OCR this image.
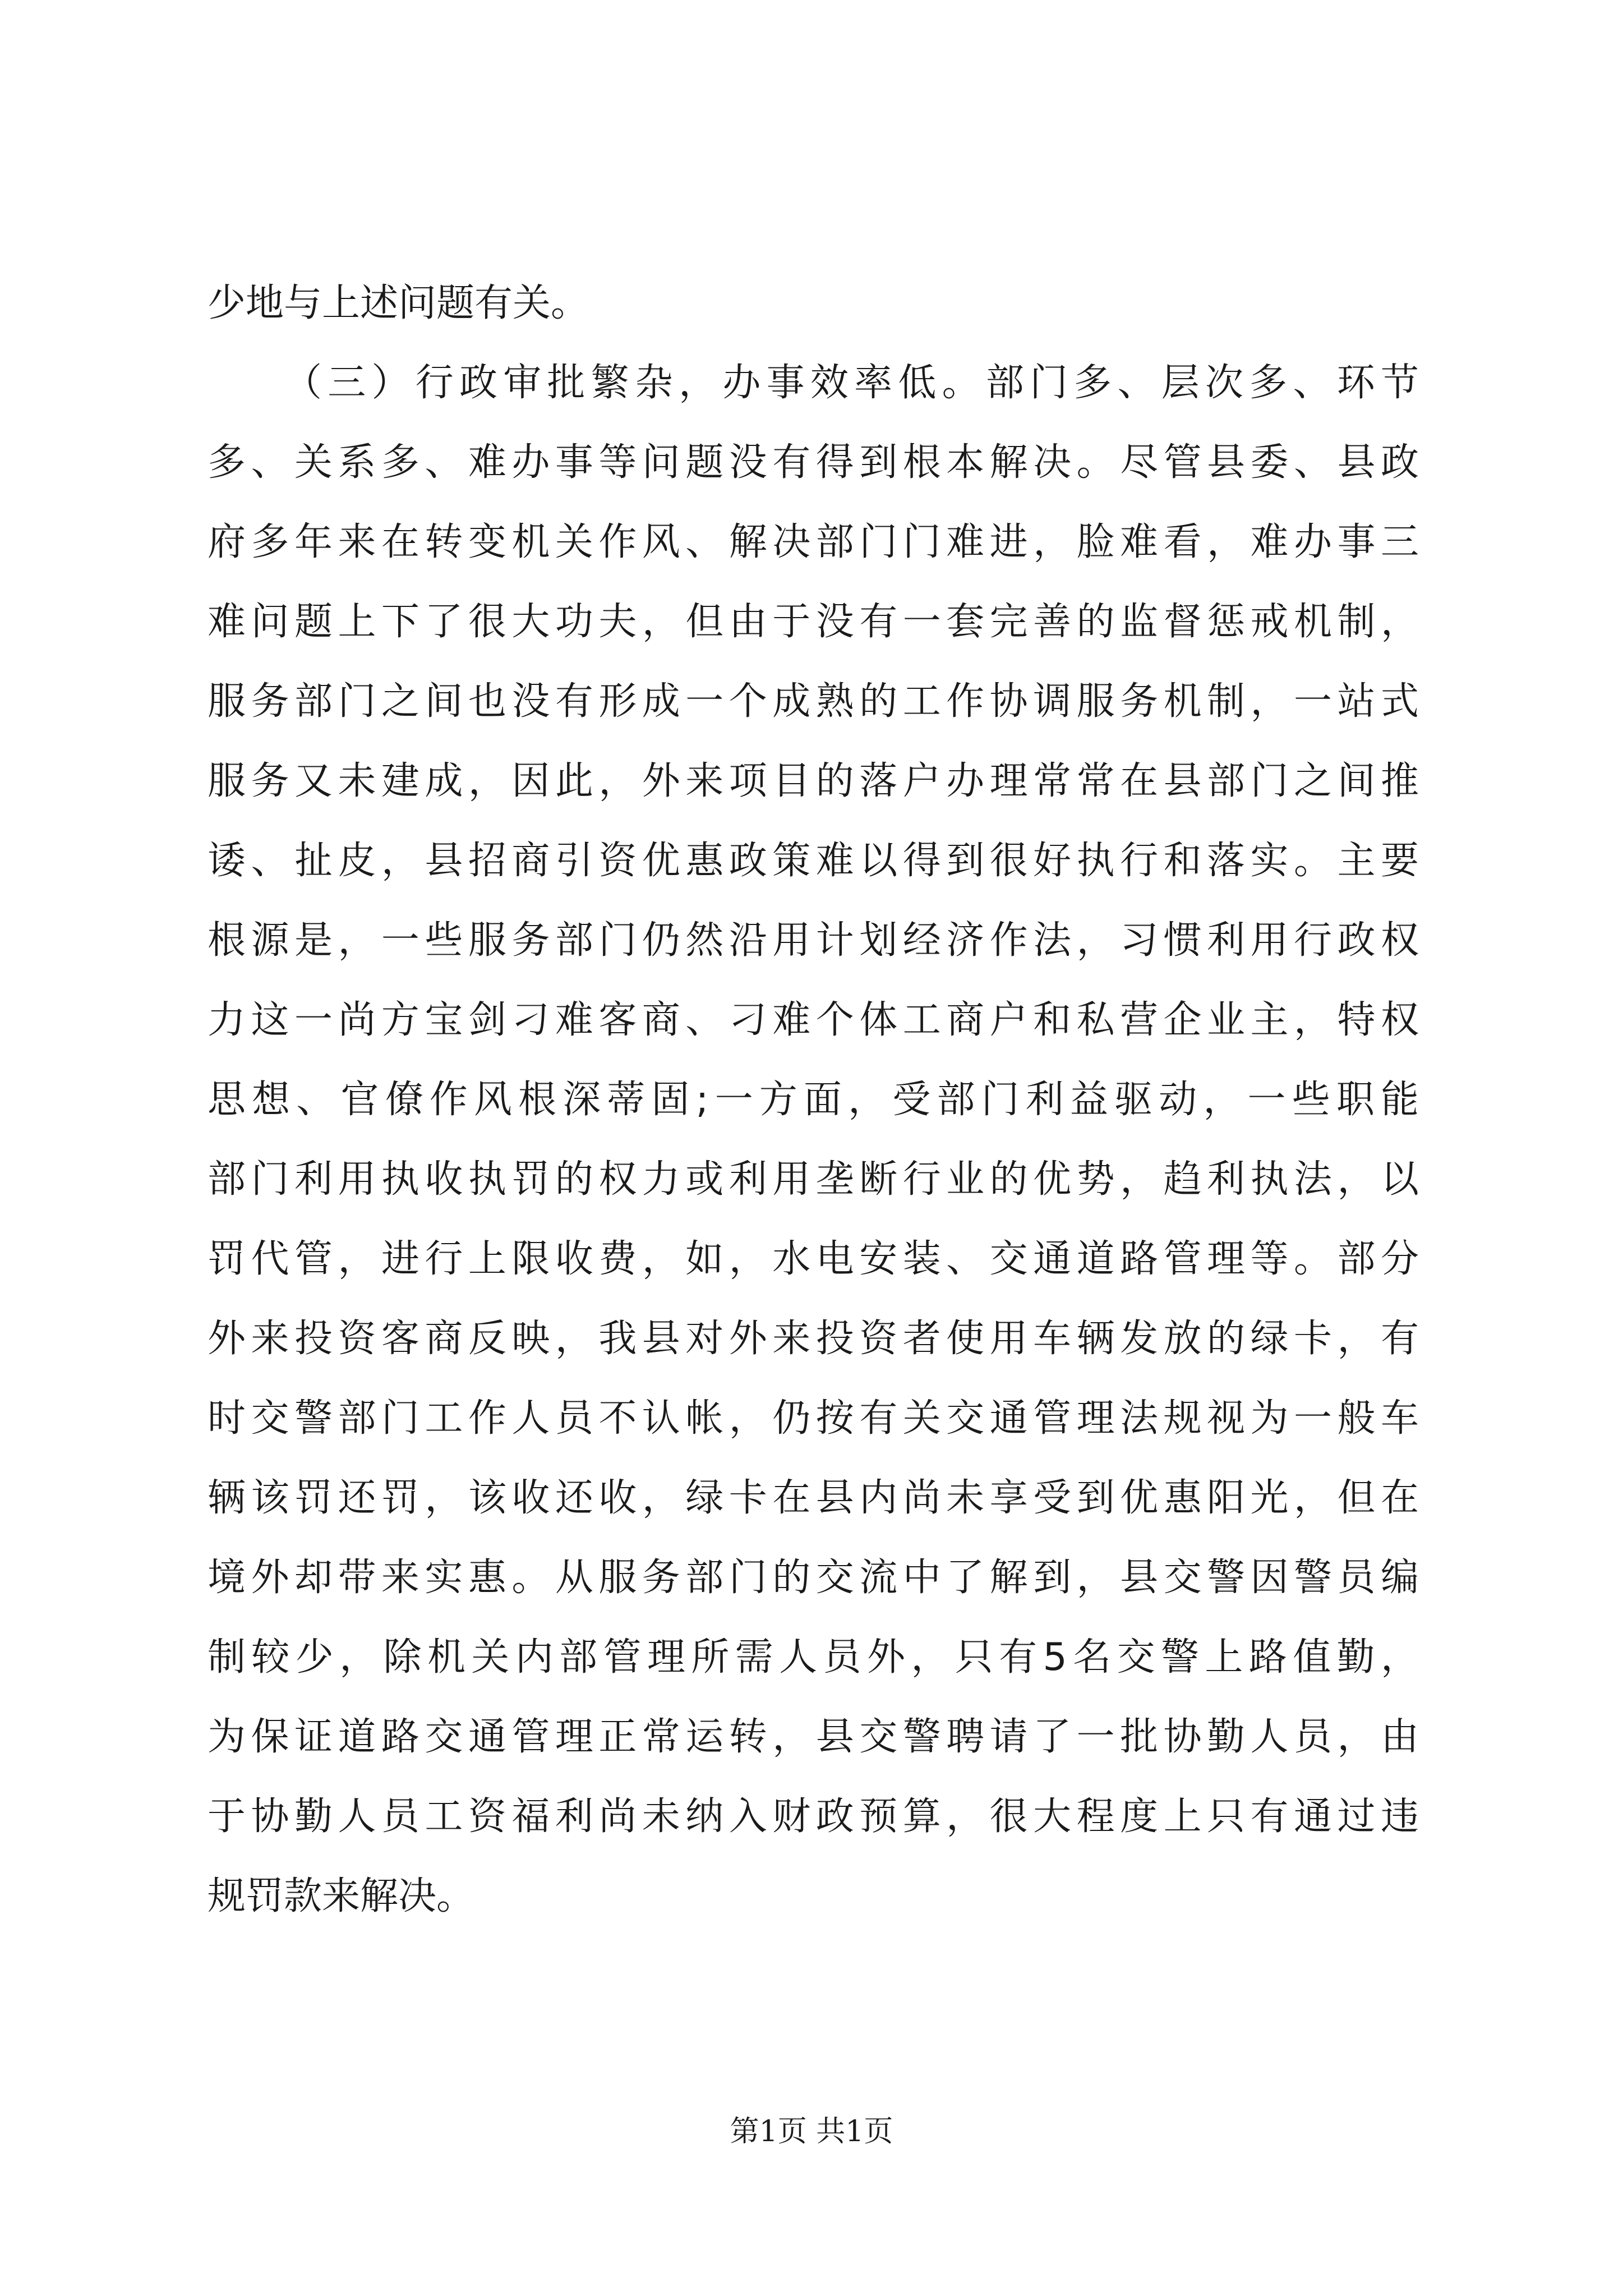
少地与上述问题有关。
（三）行政审批繁杂，办事效率低。部门多、层次多、环节
多、关系多、难办事等问题没有得到根本解决。尽管县委、县政
府多年来在转变机关作风、解决部门门难进，脸难看，难办事三
难问题上下了很大功夫，但由于没有一套完善的监督惩戒机制，
服务部门之间也没有形成一个成熟的工作协调服务机制，一站式
服务又未建成，因此，外来项目的落户办理常常在县部门之间推
诿、扯皮，县招商引资优惠政策难以得到很好执行和落实。主要
根源是，一些服务部门仍然沿用计划经济作法，习惯利用行政权
力这一尚方宝剑刁难客商、刁难个体工商户和私营企业主，特权
思想、官僚作风根深蒂固;一方面，受部门利益驱动，一些职能
部门利用执收执罚的权力或利用垄断行业的优势，趋利执法，以
罚代管，进行上限收费，如，水电安装、交通道路管理等。部分
外来投资客商反映，我县对外来投资者使用车辆发放的绿卡，有
时交警部门工作人员不认帐，仍按有关交通管理法规视为一般车
辆该罚还罚，该收还收，绿卡在县内尚未享受到优惠阳光，但在
境外却带来实惠。从服务部门的交流中了解到，县交警因警员编
制较少，除机关内部管理所需人员外，只有5名交警上路值勤，
为保证道路交通管理正常运转，县交警聘请了一批协勤人员，由
于协勤人员工资福利尚未纳入财政预算，很大程度上只有通过违
规罚款来解决。
第1页 共1页
